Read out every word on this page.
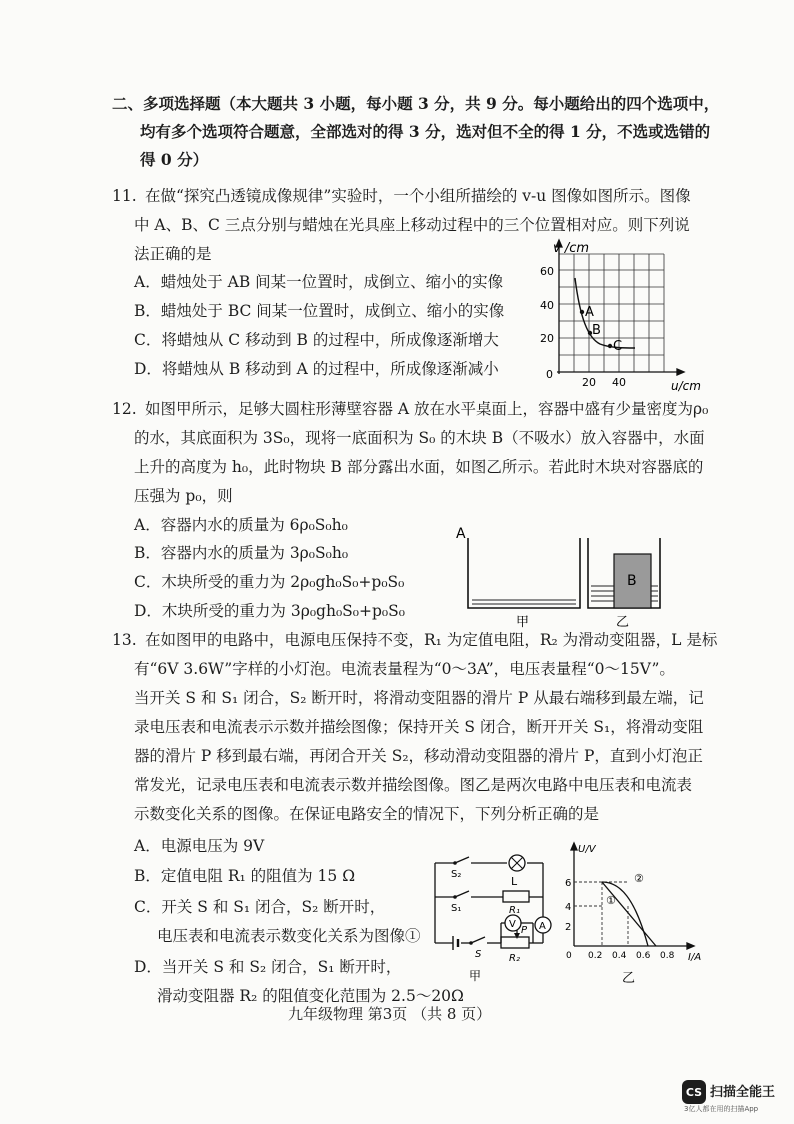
二、多项选择题（本大题共 3 小题，每小题 3 分，共 9 分。每小题给出的四个选项中，
均有多个选项符合题意，全部选对的得 3 分，选对但不全的得 1 分，不选或选错的
得 0 分）
11. 在做“探究凸透镜成像规律”实验时，一个小组所描绘的 v-u 图像如图所示。图像
中 A、B、C 三点分别与蜡烛在光具座上移动过程中的三个位置相对应。则下列说
法正确的是
A．蜡烛处于 AB 间某一位置时，成倒立、缩小的实像
B．蜡烛处于 BC 间某一位置时，成倒立、缩小的实像
C．将蜡烛从 C 移动到 B 的过程中，所成像逐渐增大
D．将蜡烛从 B 移动到 A 的过程中，所成像逐渐减小
v /cm
60
40
20
0
20 40	u/cm
A
B
C
12. 如图甲所示，足够大圆柱形薄壁容器 A 放在水平桌面上，容器中盛有少量密度为ρ₀
的水，其底面积为 3S₀，现将一底面积为 S₀ 的木块 B（不吸水）放入容器中，水面
上升的高度为 h₀，此时物块 B 部分露出水面，如图乙所示。若此时木块对容器底的
压强为 p₀，则
A．容器内水的质量为 6ρ₀S₀h₀
B．容器内水的质量为 3ρ₀S₀h₀
C．木块所受的重力为 2ρ₀gh₀S₀+p₀S₀
D．木块所受的重力为 3ρ₀gh₀S₀+p₀S₀
A
甲
B
乙
13. 在如图甲的电路中，电源电压保持不变，R₁ 为定值电阻，R₂ 为滑动变阻器，L 是标
有“6V 3.6W”字样的小灯泡。电流表量程为“0～3A”，电压表量程“0～15V”。
当开关 S 和 S₁ 闭合，S₂ 断开时，将滑动变阻器的滑片 P 从最右端移到最左端，记
录电压表和电流表示示数并描绘图像；保持开关 S 闭合，断开开关 S₁，将滑动变阻
器的滑片 P 移到最右端，再闭合开关 S₂，移动滑动变阻器的滑片 P，直到小灯泡正
常发光，记录电压表和电流表示数并描绘图像。图乙是两次电路中电压表和电流表
示数变化关系的图像。在保证电路安全的情况下，下列分析正确的是
A．电源电压为 9V
B．定值电阻 R₁ 的阻值为 15 Ω
C．开关 S 和 S₁ 闭合，S₂ 断开时，
电压表和电流表示数变化关系为图像①
D．当开关 S 和 S₂ 闭合，S₁ 断开时，
滑动变阻器 R₂ 的阻值变化范围为 2.5～20Ω
S₂
S₁
L
R₁
A
V
P
R₂
S
甲
U/V
6
4
2
0 0.2 0.4 0.6 0.8 I/A
①
②
乙
九年级物理 第3页 （共 8 页）
CS 扫描全能王
3亿人都在用的扫描App
